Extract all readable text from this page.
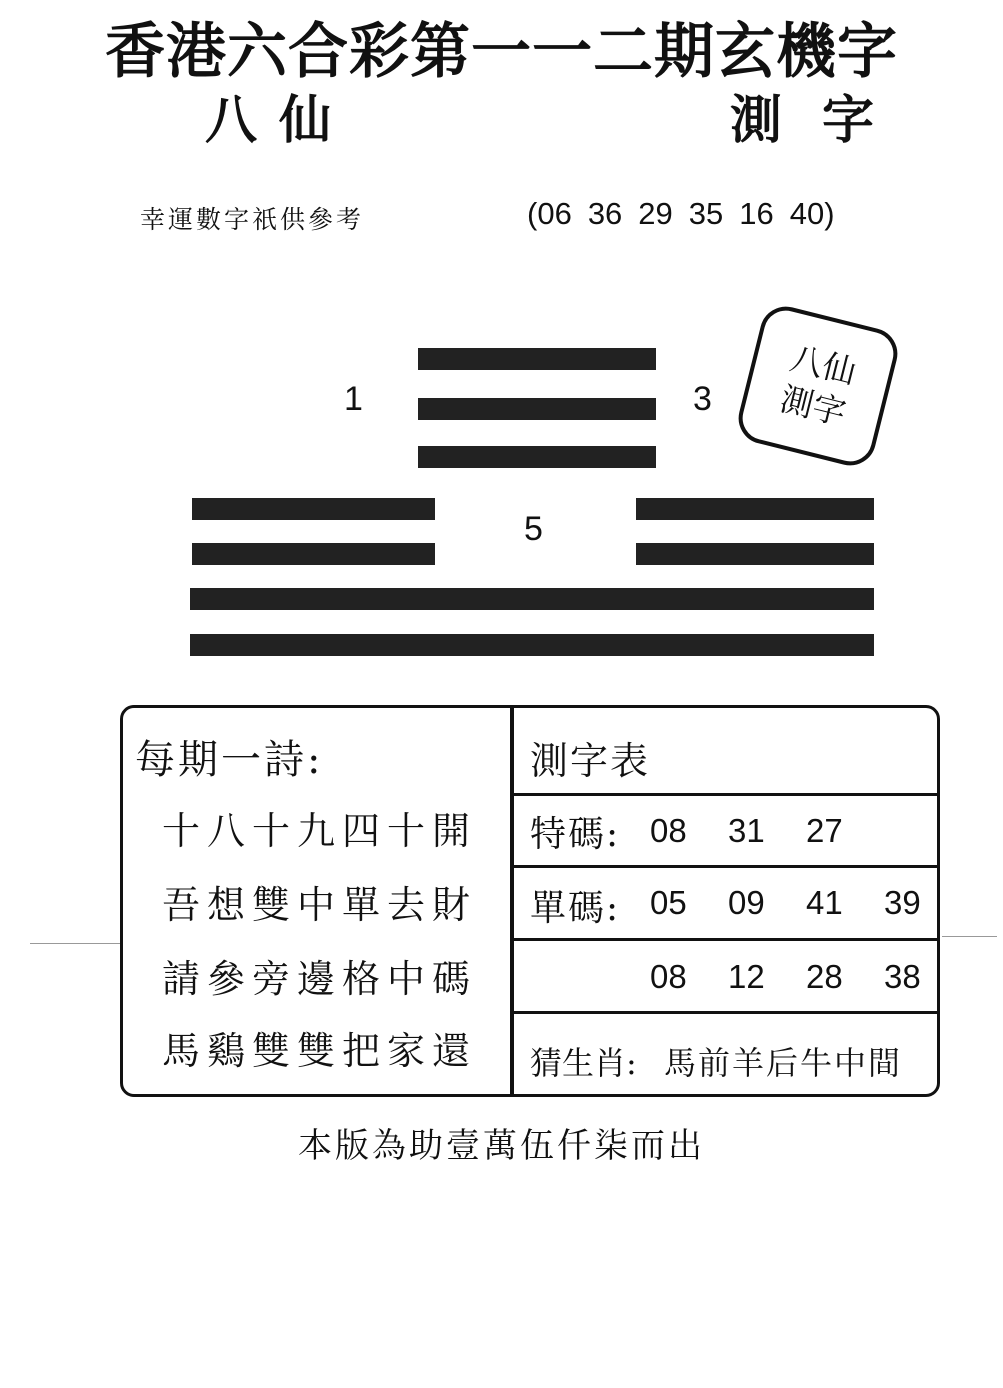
香港六合彩第一一二期玄機字
八仙	測字
幸運數字祇供參考	(06 36 29 35 16 40)
1	3
5
八仙
測字
每期一詩:
十八十九四十開
吾想雙中單去財
請參旁邊格中碼
馬鷄雙雙把家還
測字表
特碼: 08 31 27
單碼: 05 09 41 39
08 12 28 38
猜生肖: 馬前羊后牛中間
本版為助壹萬伍仟柒而出
